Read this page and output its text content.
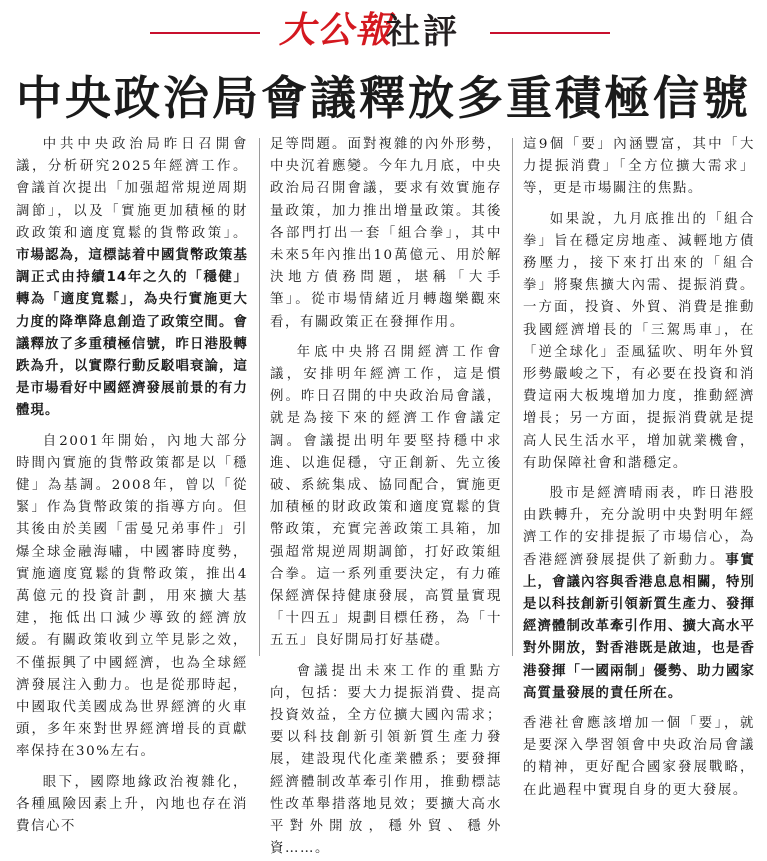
大公報
社評
中央政治局會議釋放多重積極信號

中共中央政治局昨日召開會議，分析研究2025年經濟工作。會議首次提出「加强超常規逆周期調節」，以及「實施更加積極的財政政策和適度寬鬆的貨幣政策」。市場認為，這標誌着中國貨幣政策基調正式由持續14年之久的「穩健」轉為「適度寬鬆」，為央行實施更大力度的降準降息創造了政策空間。會議釋放了多重積極信號，昨日港股轉跌為升，以實際行動反駁唱衰論，這是市場看好中國經濟發展前景的有力體現。

自2001年開始，內地大部分時間內實施的貨幣政策都是以「穩健」為基調。2008年，曾以「從緊」作為貨幣政策的指導方向。但其後由於美國「雷曼兄弟事件」引爆全球金融海嘯，中國審時度勢，實施適度寬鬆的貨幣政策，推出4萬億元的投資計劃，用來擴大基建，拖低出口減少導致的經濟放緩。有關政策收到立竿見影之效，不僅振興了中國經濟，也為全球經濟發展注入動力。也是從那時起，中國取代美國成為世界經濟的火車頭，多年來對世界經濟增長的貢獻率保持在30%左右。

眼下，國際地緣政治複雜化，各種風險因素上升，內地也存在消費信心不

足等問題。面對複雜的內外形勢，中央沉着應變。今年九月底，中央政治局召開會議，要求有效實施存量政策，加力推出增量政策。其後各部門打出一套「組合拳」，其中未來5年內推出10萬億元、用於解決地方債務問題，堪稱「大手筆」。從市場情緒近月轉趨樂觀來看，有關政策正在發揮作用。

年底中央將召開經濟工作會議，安排明年經濟工作，這是慣例。昨日召開的中央政治局會議，就是為接下來的經濟工作會議定調。會議提出明年要堅持穩中求進、以進促穩，守正創新、先立後破、系統集成、協同配合，實施更加積極的財政政策和適度寬鬆的貨幣政策，充實完善政策工具箱，加强超常規逆周期調節，打好政策組合拳。這一系列重要決定，有力確保經濟保持健康發展，高質量實現「十四五」規劃目標任務，為「十五五」良好開局打好基礎。

會議提出未來工作的重點方向，包括：要大力提振消費、提高投資效益，全方位擴大國內需求；要以科技創新引領新質生產力發展，建設現代化產業體系；要發揮經濟體制改革牽引作用，推動標誌性改革舉措落地見效；要擴大高水平對外開放，穩外貿、穩外資……。

這9個「要」內涵豐富，其中「大力提振消費」「全方位擴大需求」等，更是市場關注的焦點。

如果說，九月底推出的「組合拳」旨在穩定房地產、減輕地方債務壓力，接下來打出來的「組合拳」將聚焦擴大內需、提振消費。一方面，投資、外貿、消費是推動我國經濟增長的「三駕馬車」，在「逆全球化」歪風猛吹、明年外貿形勢嚴峻之下，有必要在投資和消費這兩大板塊增加力度，推動經濟增長；另一方面，提振消費就是提高人民生活水平，增加就業機會，有助保障社會和諧穩定。

股市是經濟晴雨表，昨日港股由跌轉升，充分說明中央對明年經濟工作的安排提振了市場信心，為香港經濟發展提供了新動力。事實上，會議內容與香港息息相關，特別是以科技創新引領新質生產力、發揮經濟體制改革牽引作用、擴大高水平對外開放，對香港既是啟迪，也是香港發揮「一國兩制」優勢、助力國家高質量發展的責任所在。

香港社會應該增加一個「要」，就是要深入學習領會中央政治局會議的精神，更好配合國家發展戰略，在此過程中實現自身的更大發展。
